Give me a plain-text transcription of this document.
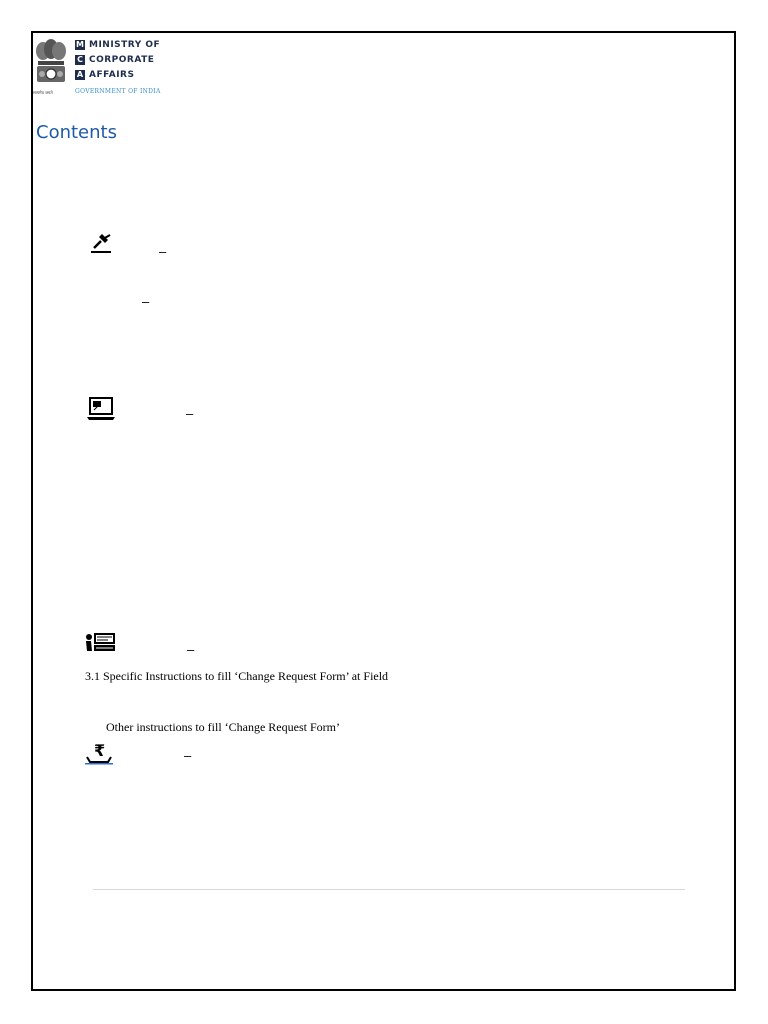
सत्यमेव जयते
M MINISTRY OF
C CORPORATE
A AFFAIRS
GOVERNMENT OF INDIA
Contents
–
–
–
–
3.1 Specific Instructions to fill ‘Change Request Form’ at Field
Other instructions to fill ‘Change Request Form’
₹	–
